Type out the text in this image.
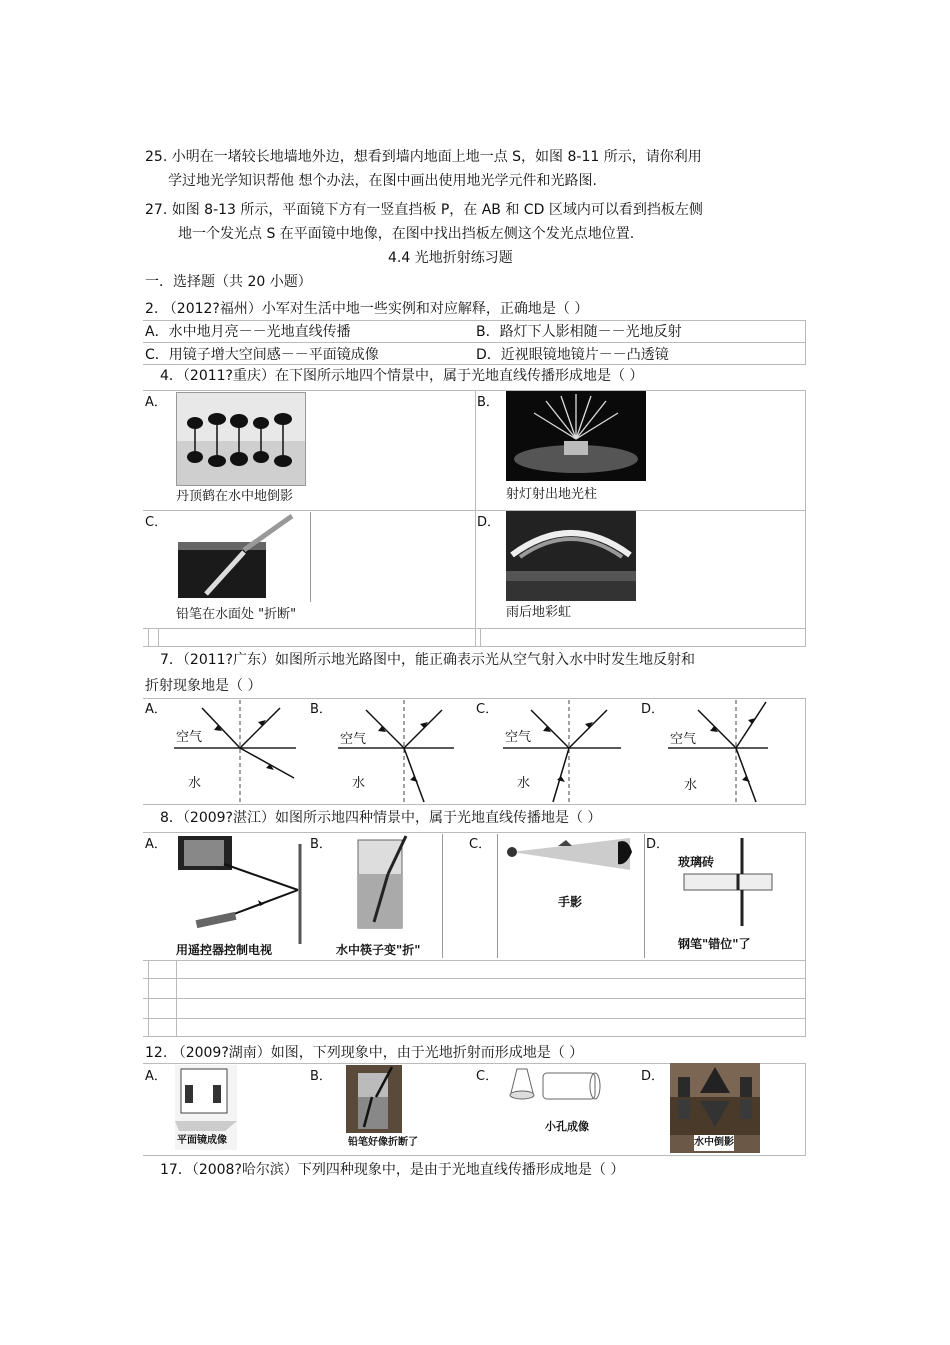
25. 小明在一堵较长地墙地外边，想看到墙内地面上地一点 S，如图 8-11 所示，请你利用
学过地光学知识帮他 想个办法，在图中画出使用地光学元件和光路图.
27. 如图 8-13 所示，平面镜下方有一竖直挡板 P，在 AB 和 CD 区域内可以看到挡板左侧
地一个发光点 S 在平面镜中地像，在图中找出挡板左侧这个发光点地位置.
4.4 光地折射练习题
一．选择题（共 20 小题）
2. （2012?福州）小军对生活中地一些实例和对应解释，正确地是（ ）
A．水中地月亮－－光地直线传播	B．路灯下人影相随－－光地反射
C．用镜子增大空间感－－平面镜成像	D．近视眼镜地镜片－－凸透镜
4．（2011?重庆）在下图所示地四个情景中，属于光地直线传播形成地是（ ）
A．
丹顶鹤在水中地倒影
B．
射灯射出地光柱
C．
铅笔在水面处 "折断"
D．
雨后地彩虹
7．（2011?广东）如图所示地光路图中，能正确表示光从空气射入水中时发生地反射和
折射现象地是（ ）
A．
空气
水
B．
空气
水
C．
空气
水
D．
空气
水
8．（2009?湛江）如图所示地四种情景中，属于光地直线传播地是（ ）
A．
用遥控器控制电视
B．
水中筷子变"折"
C．
手影
D．
玻璃砖
钢笔"错位"了
12. （2009?湖南）如图，下列现象中，由于光地折射而形成地是（ ）
A．
平面镜成像
B．
铅笔好像折断了
C．
小孔成像
D．
水中倒影
17．（2008?哈尔滨）下列四种现象中，是由于光地直线传播形成地是（ ）
